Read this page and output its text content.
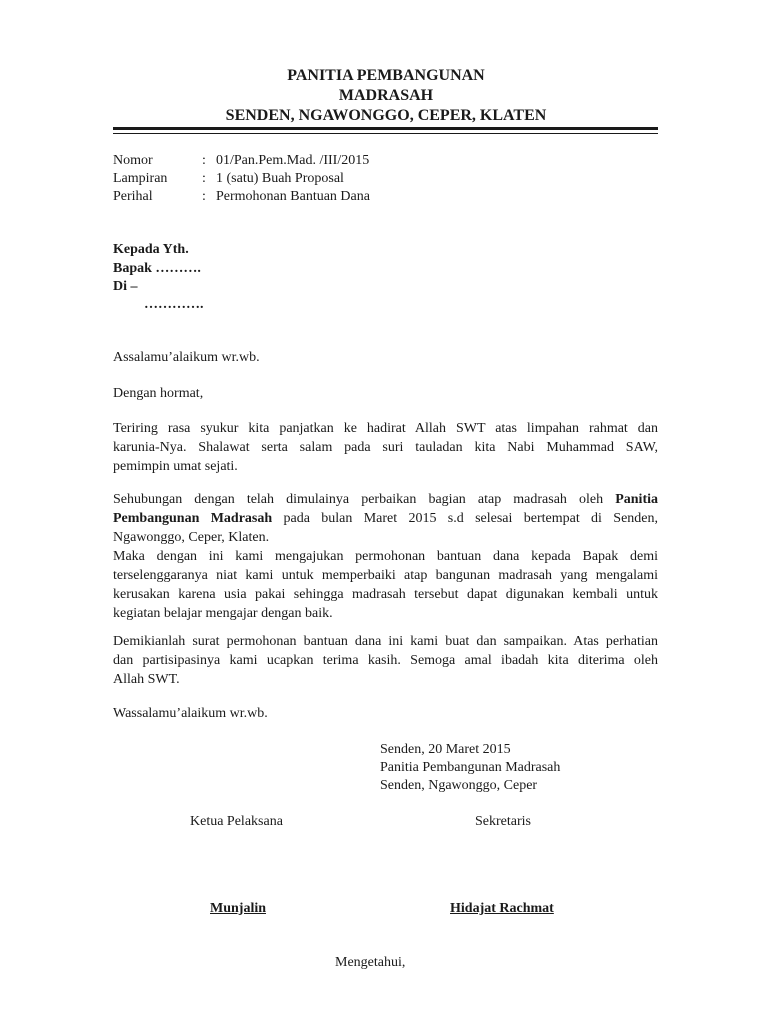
PANITIA PEMBANGUNAN
MADRASAH
SENDEN, NGAWONGGO, CEPER, KLATEN
Nomor	: 01/Pan.Pem.Mad. /III/2015
Lampiran : 1 (satu) Buah Proposal
Perihal	: Permohonan Bantuan Dana
Kepada Yth.
Bapak ……….
Di –
………….
Assalamu’alaikum wr.wb.
Dengan hormat,
Teriring rasa syukur kita panjatkan ke hadirat Allah SWT atas limpahan rahmat dan
karunia-Nya. Shalawat serta salam pada suri tauladan kita Nabi Muhammad SAW,
pemimpin umat sejati.
Sehubungan dengan telah dimulainya perbaikan bagian atap madrasah oleh Panitia
Pembangunan Madrasah pada bulan Maret 2015 s.d selesai bertempat di Senden,
Ngawonggo, Ceper, Klaten.
Maka dengan ini kami mengajukan permohonan bantuan dana kepada Bapak demi
terselenggaranya niat kami untuk memperbaiki atap bangunan madrasah yang mengalami
kerusakan karena usia pakai sehingga madrasah tersebut dapat digunakan kembali untuk
kegiatan belajar mengajar dengan baik.
Demikianlah surat permohonan bantuan dana ini kami buat dan sampaikan. Atas perhatian
dan partisipasinya kami ucapkan terima kasih. Semoga amal ibadah kita diterima oleh
Allah SWT.
Wassalamu’alaikum wr.wb.
Senden, 20 Maret 2015
Panitia Pembangunan Madrasah
Senden, Ngawonggo, Ceper
Ketua Pelaksana	Sekretaris
Munjalin	Hidajat Rachmat
Mengetahui,
